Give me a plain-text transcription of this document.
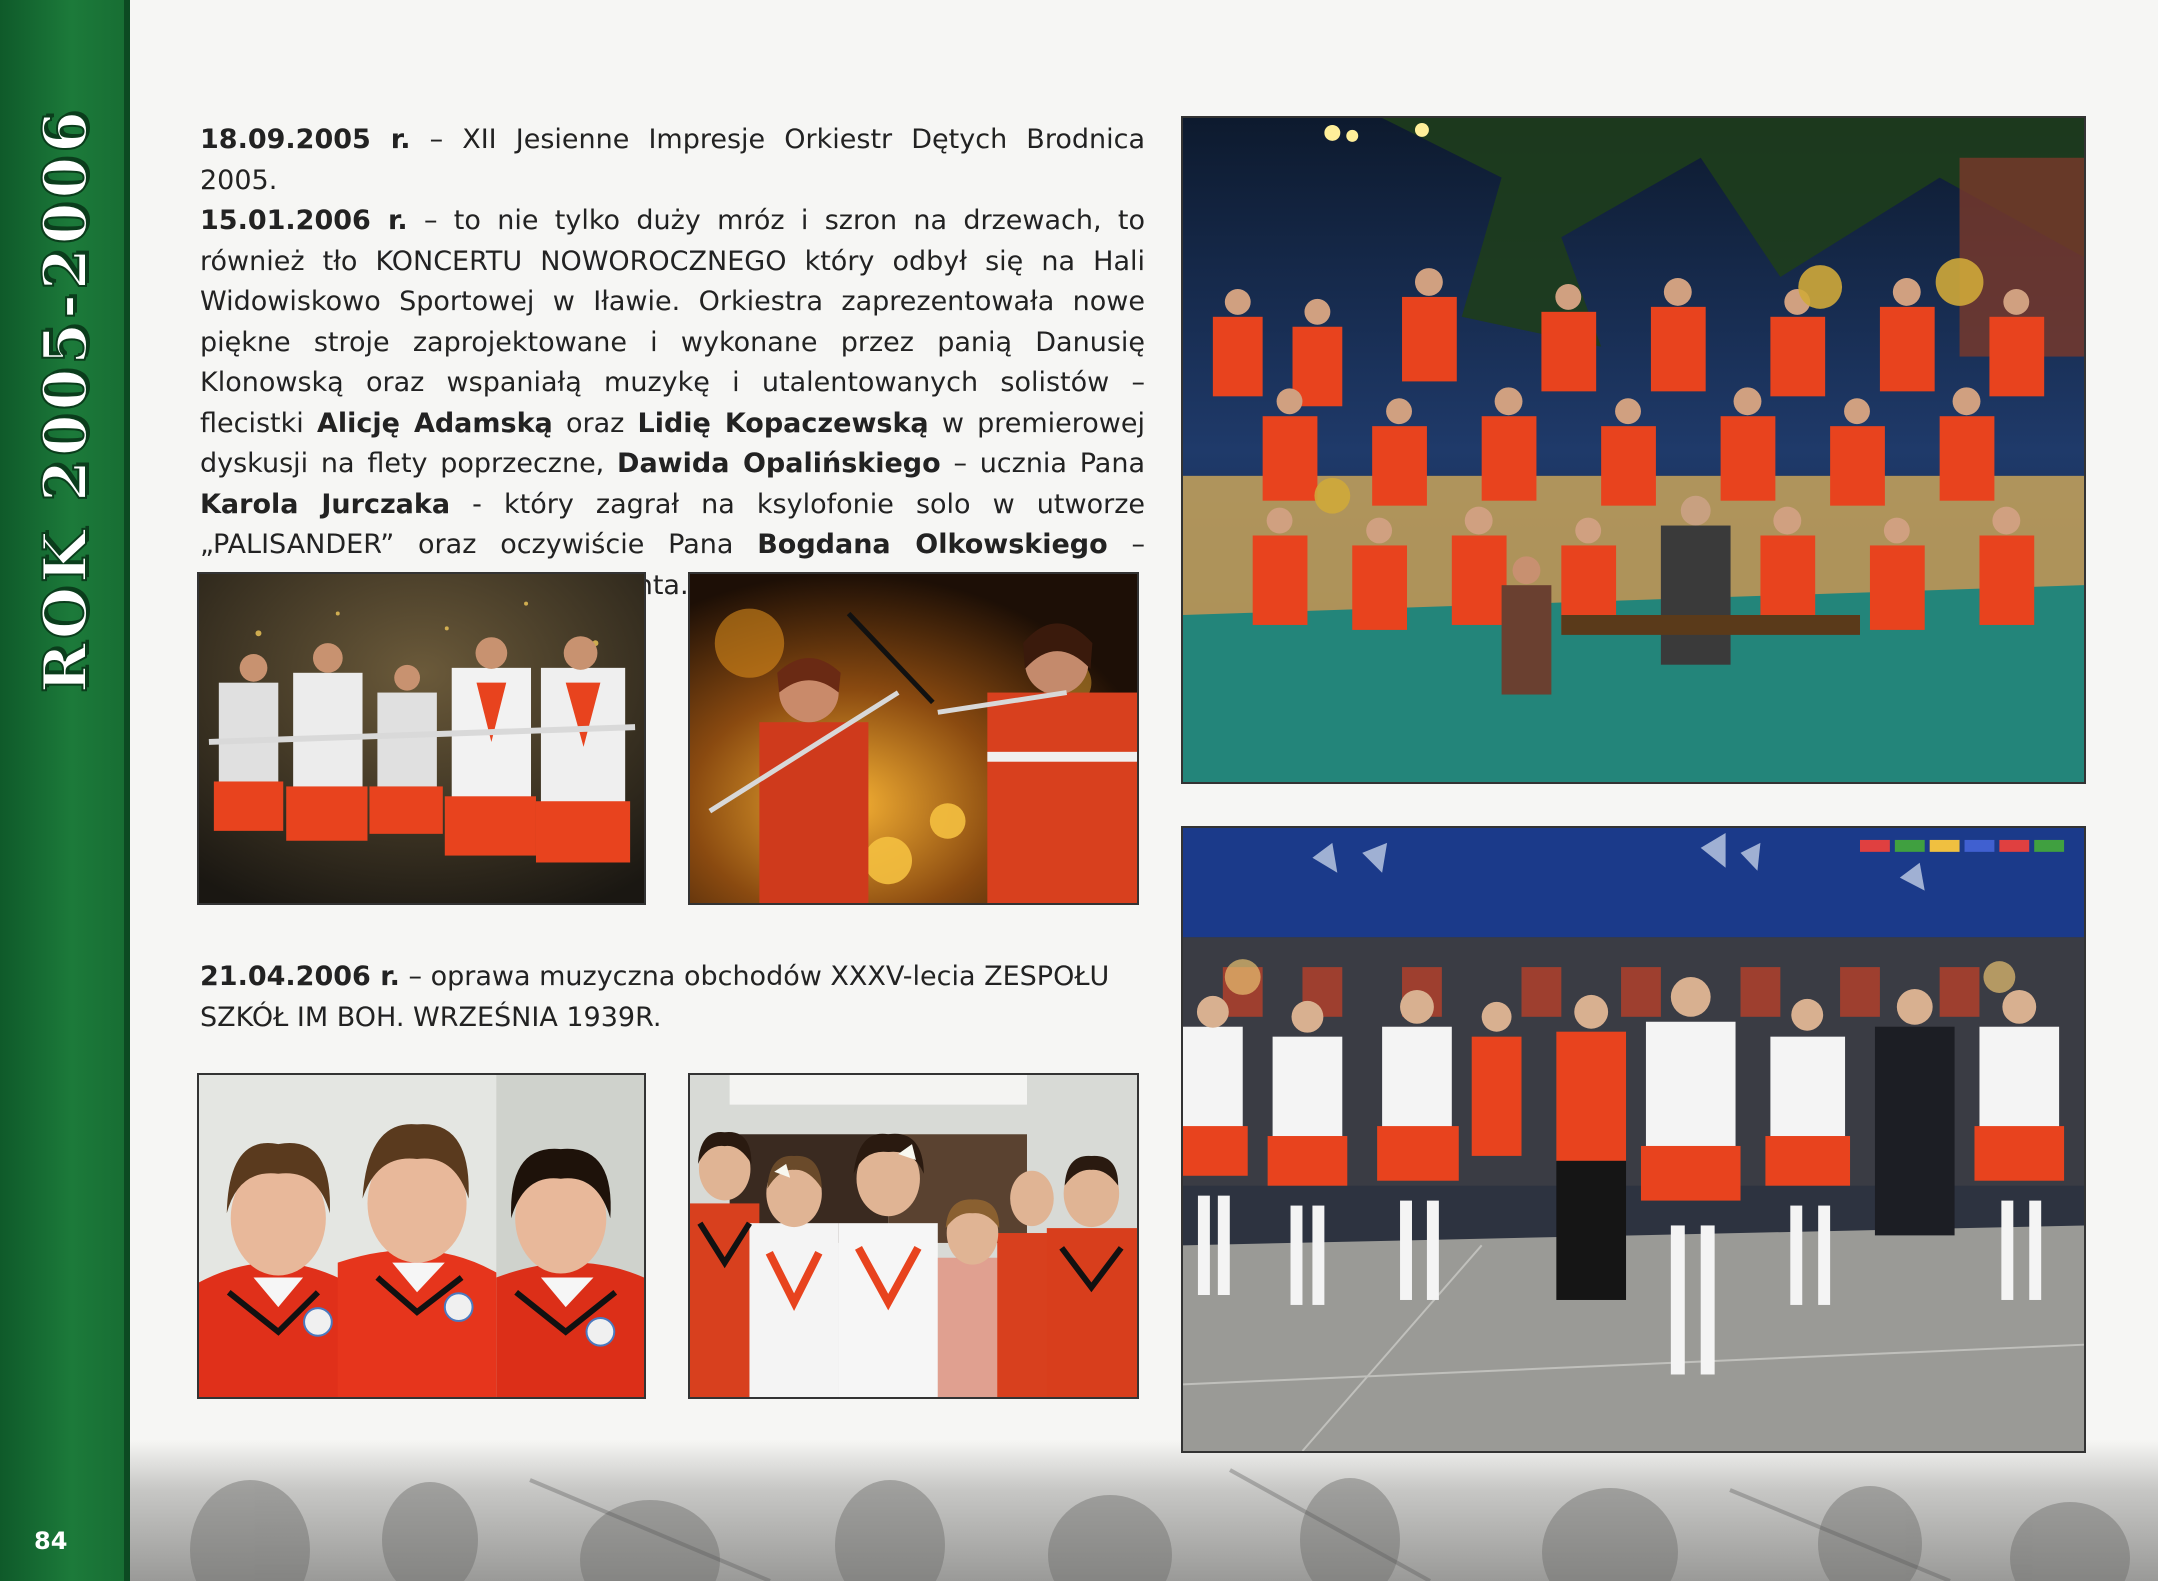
ROK 2005-2006
84

18.09.2005 r. – XII Jesienne Impresje Orkiestr Dętych Brodnica 2005.

15.01.2006 r. – to nie tylko duży mróz i szron na drzewach, to również tło KONCERTU NOWOROCZNEGO który odbył się na Hali Widowiskowo Sportowej w Iławie. Orkiestra zaprezentowała nowe piękne stroje zaprojektowane i wykonane przez panią Danusię Klonowską oraz wspaniałą muzykę i utalentowanych solistów – flecistki Alicję Adamską oraz Lidię Kopaczewską w premierowej dyskusji na flety poprzeczne, Dawida Opalińskiego – ucznia Pana Karola Jurczaka - który zagrał na ksylofonie solo w utworze „PALISANDER” oraz oczywiście Pana Bogdana Olkowskiego –

21.04.2006 r. – oprawa muzyczna obchodów XXXV-lecia ZESPOŁU SZKÓŁ IM BOH. WRZEŚNIA 1939R.
